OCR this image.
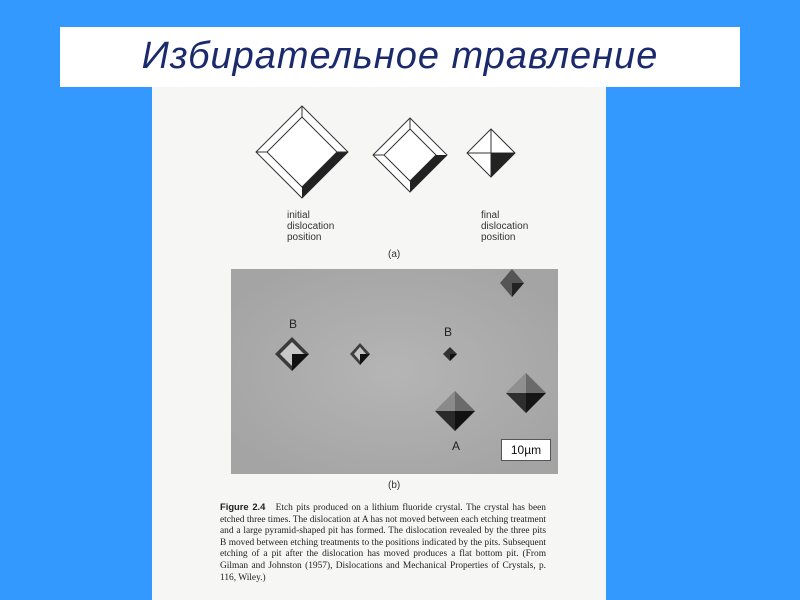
Избирательное травление
initial
dislocation
position
final
dislocation
position
(a)
B
B
A	10µm
(b)
Figure 2.4 Etch pits produced on a lithium fluoride crystal. The crystal has been etched three times. The dislocation at A has not moved between each etching treatment and a large pyramid-shaped pit has formed. The dislocation revealed by the three pits B moved between etching treatments to the positions indicated by the pits. Subsequent etching of a pit after the dislocation has moved produces a flat bottom pit. (From Gilman and Johnston (1957), Dislocations and Mechanical Properties of Crystals, p. 116, Wiley.)
